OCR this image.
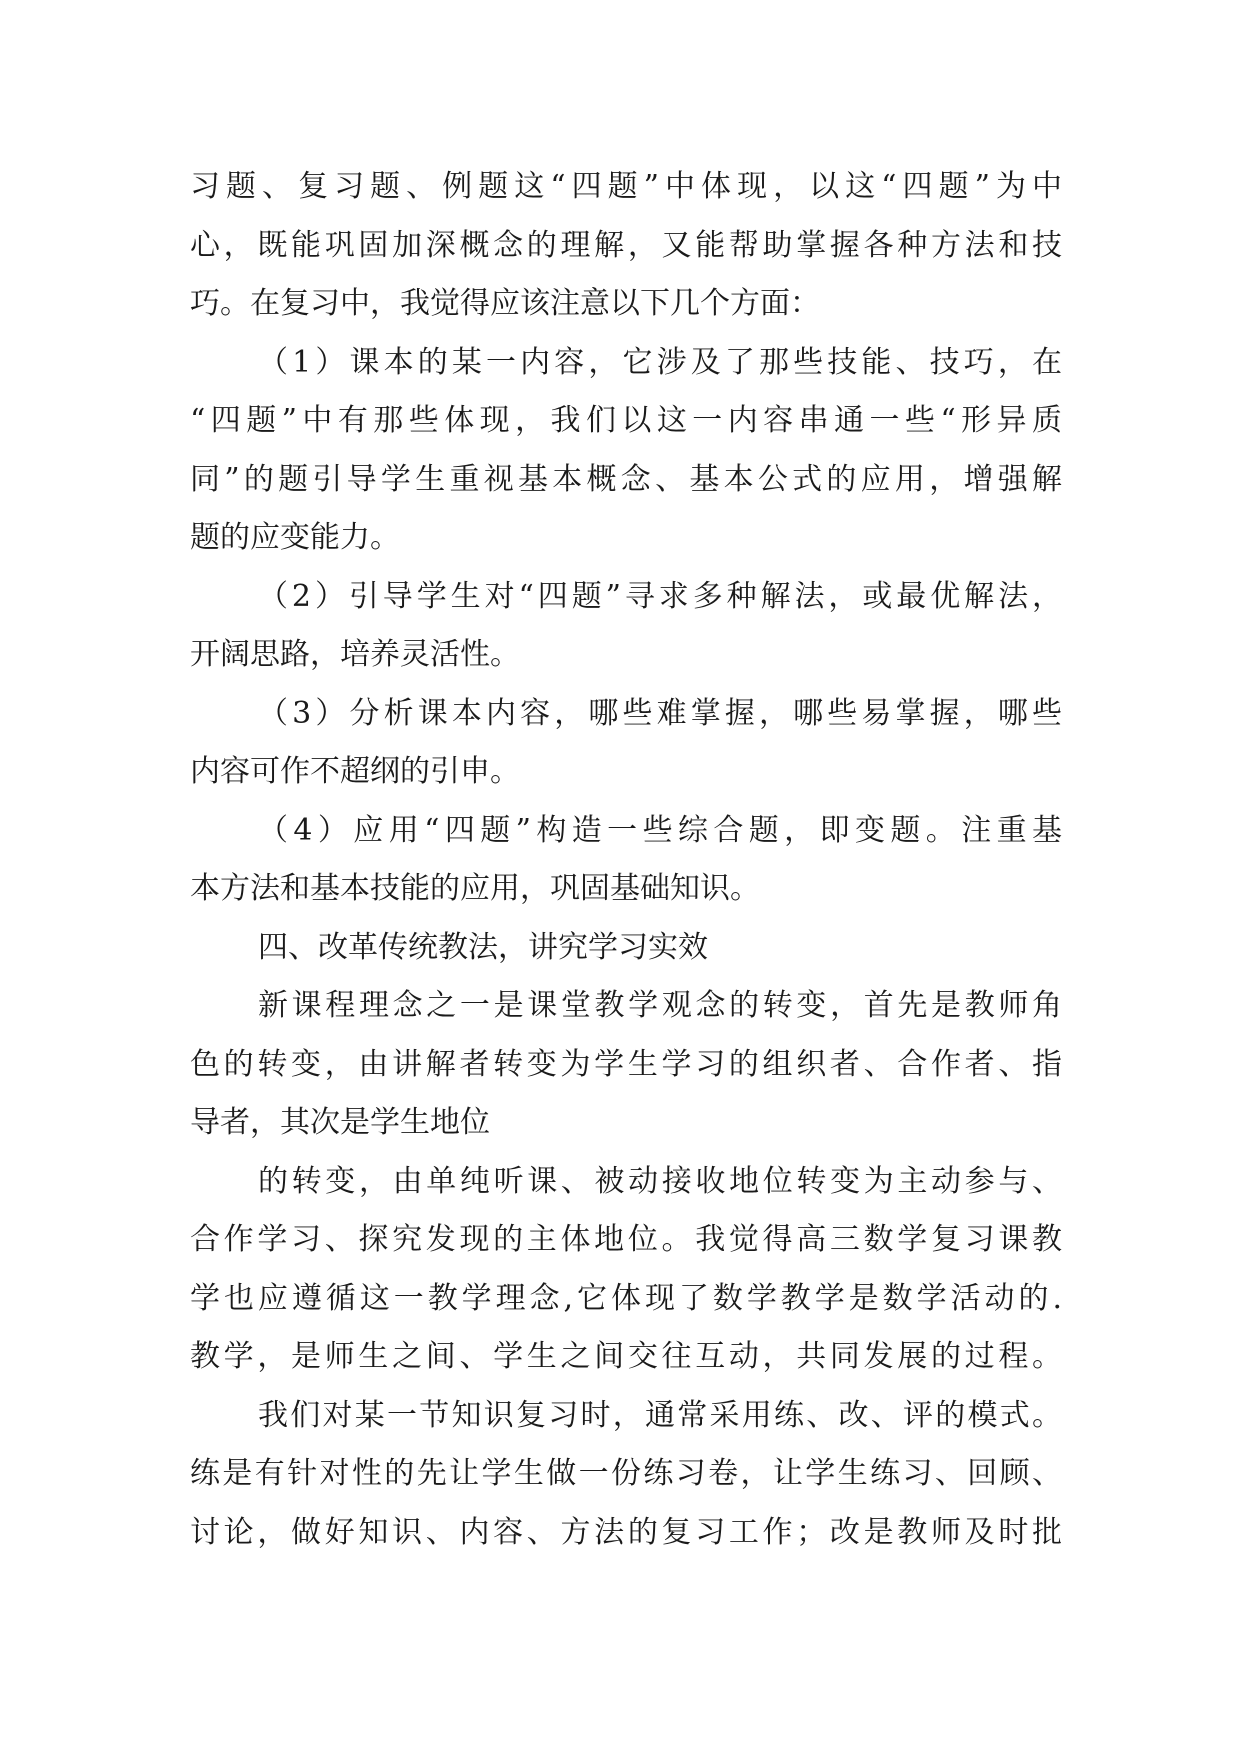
习题、复习题、例题这“四题”中体现，以这“四题”为中
心，既能巩固加深概念的理解，又能帮助掌握各种方法和技
巧。在复习中，我觉得应该注意以下几个方面：
（1）课本的某一内容，它涉及了那些技能、技巧，在
“四题”中有那些体现，我们以这一内容串通一些“形异质
同”的题引导学生重视基本概念、基本公式的应用，增强解
题的应变能力。
（2）引导学生对“四题”寻求多种解法，或最优解法，
开阔思路，培养灵活性。
（3）分析课本内容，哪些难掌握，哪些易掌握，哪些
内容可作不超纲的引申。
（4）应用“四题”构造一些综合题，即变题。注重基
本方法和基本技能的应用，巩固基础知识。
四、改革传统教法，讲究学习实效
新课程理念之一是课堂教学观念的转变，首先是教师角
色的转变，由讲解者转变为学生学习的组织者、合作者、指
导者，其次是学生地位
的转变，由单纯听课、被动接收地位转变为主动参与、
合作学习、探究发现的主体地位。我觉得高三数学复习课教
学也应遵循这一教学理念,它体现了数学教学是数学活动的.
教学，是师生之间、学生之间交往互动，共同发展的过程。
我们对某一节知识复习时，通常采用练、改、评的模式。
练是有针对性的先让学生做一份练习卷，让学生练习、回顾、
讨论，做好知识、内容、方法的复习工作；改是教师及时批
